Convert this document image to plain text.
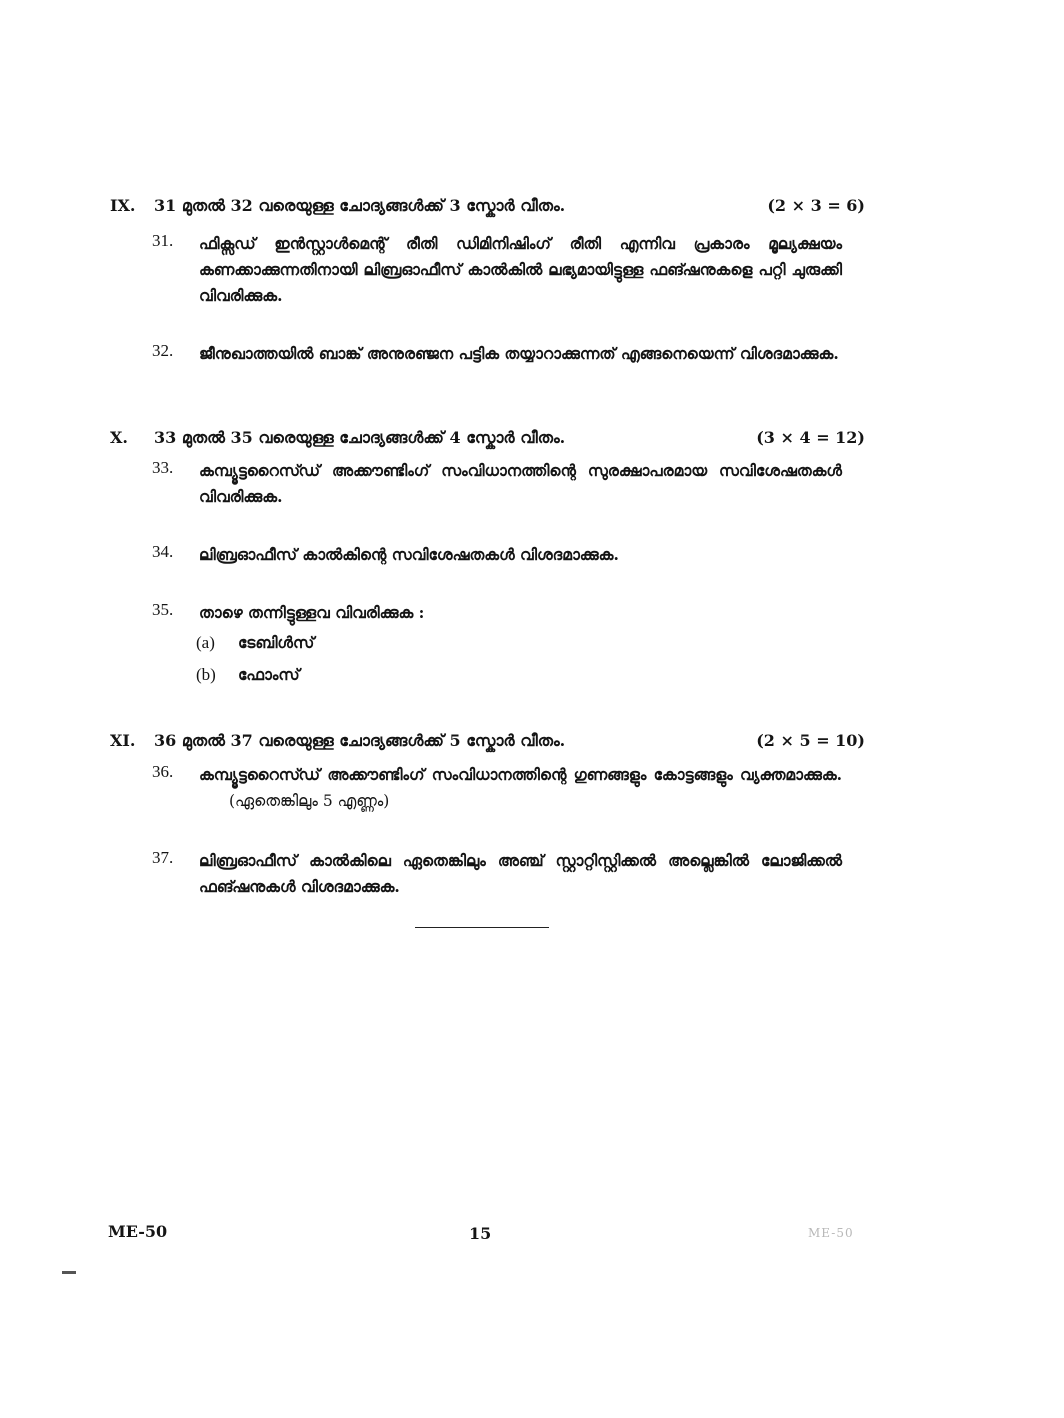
IX. 31 മുതൽ 32 വരെയുള്ള ചോദ്യങ്ങൾക്ക് 3 സ്കോർ വീതം.	(2 × 3 = 6)
31. ഫിക്സഡ് ഇൻസ്റ്റാൾമെന്റ് രീതി ഡിമിനിഷിംഗ് രീതി എന്നിവ പ്രകാരം മൂല്യക്ഷയം കണക്കാക്കുന്നതിനായി ലിബ്രഓഫീസ് കാൽകിൽ ലഭ്യമായിട്ടുള്ള ഫങ്ഷനുകളെ പറ്റി ചുരുക്കി വിവരിക്കുക.
32. ജീനുഖാത്തയിൽ ബാങ്ക് അനുരഞ്ജന പട്ടിക തയ്യാറാക്കുന്നത് എങ്ങനെയെന്ന് വിശദമാക്കുക.
X. 33 മുതൽ 35 വരെയുള്ള ചോദ്യങ്ങൾക്ക് 4 സ്കോർ വീതം.	(3 × 4 = 12)
33. കമ്പ്യൂട്ടറൈസ്ഡ് അക്കൗണ്ടിംഗ് സംവിധാനത്തിന്റെ സുരക്ഷാപരമായ സവിശേഷതകൾ വിവരിക്കുക.
34. ലിബ്രഓഫീസ് കാൽകിന്റെ സവിശേഷതകൾ വിശദമാക്കുക.
35. താഴെ തന്നിട്ടുള്ളവ വിവരിക്കുക :
(a) ടേബിൾസ്
(b) ഫോംസ്
XI. 36 മുതൽ 37 വരെയുള്ള ചോദ്യങ്ങൾക്ക് 5 സ്കോർ വീതം.	(2 × 5 = 10)
36. കമ്പ്യൂട്ടറൈസ്ഡ് അക്കൗണ്ടിംഗ് സംവിധാനത്തിന്റെ ഗുണങ്ങളും കോട്ടങ്ങളും വ്യക്തമാക്കുക. (ഏതെങ്കിലും 5 എണ്ണം)
37. ലിബ്രഓഫീസ് കാൽകിലെ ഏതെങ്കിലും അഞ്ച് സ്റ്റാറ്റിസ്റ്റിക്കൽ അല്ലെങ്കിൽ ലോജിക്കൽ ഫങ്ഷനുകൾ വിശദമാക്കുക.
ME-50	15	ME-50
